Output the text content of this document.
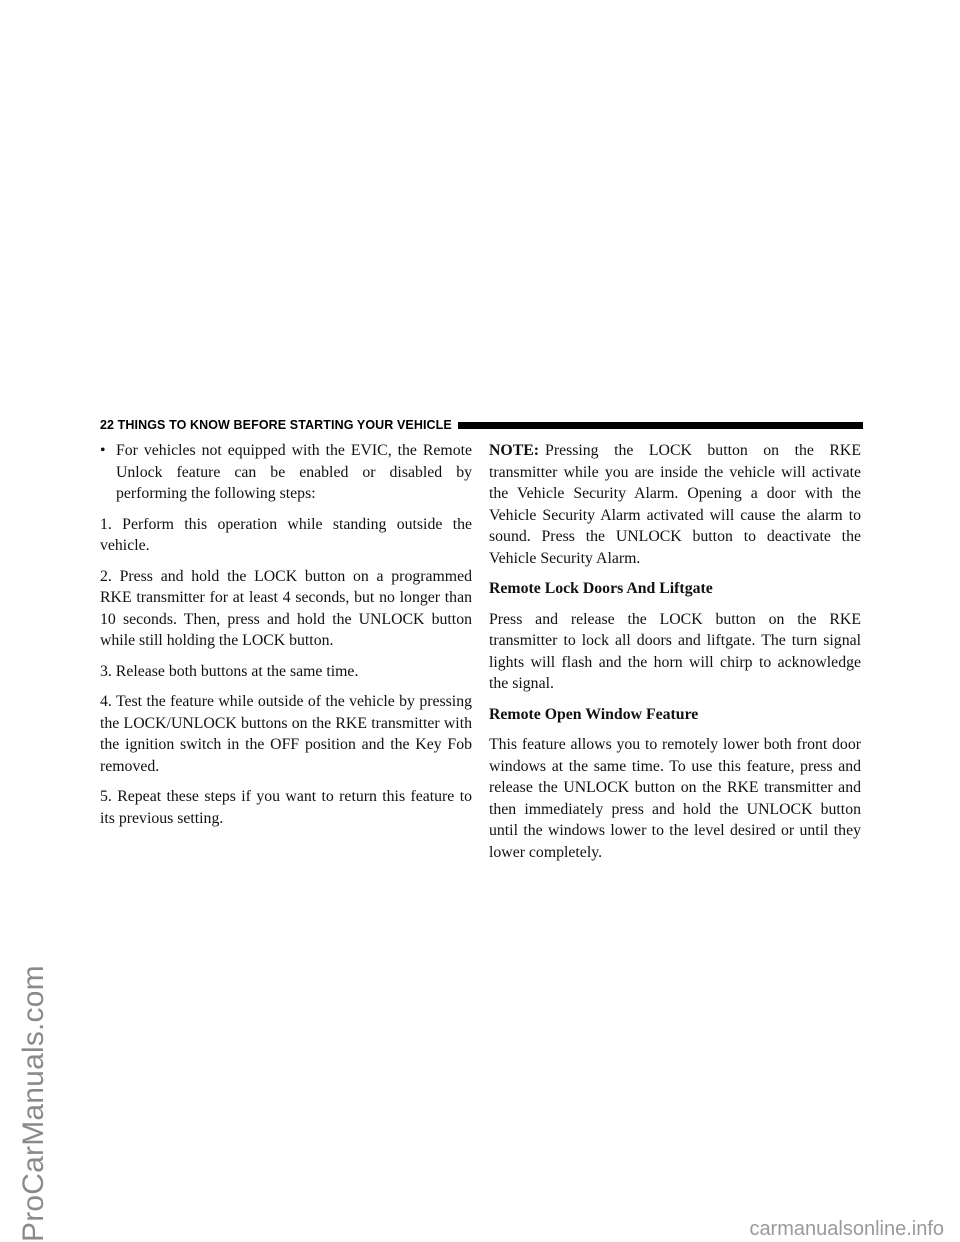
ProCarManuals.com
22 THINGS TO KNOW BEFORE STARTING YOUR VEHICLE
• For vehicles not equipped with the EVIC, the Remote Unlock feature can be enabled or disabled by performing the following steps:

1. Perform this operation while standing outside the vehicle.

2. Press and hold the LOCK button on a programmed RKE transmitter for at least 4 seconds, but no longer than 10 seconds. Then, press and hold the UNLOCK button while still holding the LOCK button.

3. Release both buttons at the same time.

4. Test the feature while outside of the vehicle by pressing the LOCK/UNLOCK buttons on the RKE transmitter with the ignition switch in the OFF position and the Key Fob removed.

5. Repeat these steps if you want to return this feature to its previous setting.

NOTE: Pressing the LOCK button on the RKE transmitter while you are inside the vehicle will activate the Vehicle Security Alarm. Opening a door with the Vehicle Security Alarm activated will cause the alarm to sound. Press the UNLOCK button to deactivate the Vehicle Security Alarm.

Remote Lock Doors And Liftgate

Press and release the LOCK button on the RKE transmitter to lock all doors and liftgate. The turn signal lights will flash and the horn will chirp to acknowledge the signal.

Remote Open Window Feature

This feature allows you to remotely lower both front door windows at the same time. To use this feature, press and release the UNLOCK button on the RKE transmitter and then immediately press and hold the UNLOCK button until the windows lower to the level desired or until they lower completely.

carmanualsonline.info
